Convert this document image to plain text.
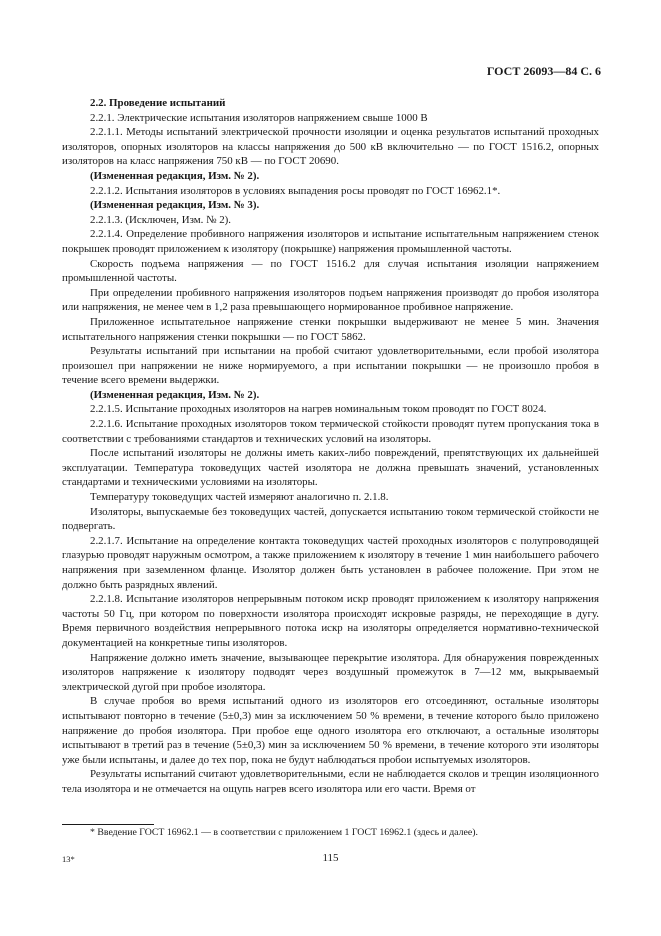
ГОСТ 26093—84 С. 6

2.2. Проведение испытаний

2.2.1. Электрические испытания изоляторов напряжением свыше 1000 В

2.2.1.1. Методы испытаний электрической прочности изоляции и оценка результатов испытаний проходных изоляторов, опорных изоляторов на классы напряжения до 500 кВ включительно — по ГОСТ 1516.2, опорных изоляторов на класс напряжения 750 кВ — по ГОСТ 20690.

(Измененная редакция, Изм. № 2).

2.2.1.2. Испытания изоляторов в условиях выпадения росы проводят по ГОСТ 16962.1*.

(Измененная редакция, Изм. № 3).

2.2.1.3. (Исключен, Изм. № 2).

2.2.1.4. Определение пробивного напряжения изоляторов и испытание испытательным напряжением стенок покрышек проводят приложением к изолятору (покрышке) напряжения промышленной частоты.

Скорость подъема напряжения — по ГОСТ 1516.2 для случая испытания изоляции напряжением промышленной частоты.

При определении пробивного напряжения изоляторов подъем напряжения производят до пробоя изолятора или напряжения, не менее чем в 1,2 раза превышающего нормированное пробивное напряжение.

Приложенное испытательное напряжение стенки покрышки выдерживают не менее 5 мин. Значения испытательного напряжения стенки покрышки — по ГОСТ 5862.

Результаты испытаний при испытании на пробой считают удовлетворительными, если пробой изолятора произошел при напряжении не ниже нормируемого, а при испытании покрышки — не произошло пробоя в течение всего времени выдержки.

(Измененная редакция, Изм. № 2).

2.2.1.5. Испытание проходных изоляторов на нагрев номинальным током проводят по ГОСТ 8024.

2.2.1.6. Испытание проходных изоляторов током термической стойкости проводят путем пропускания тока в соответствии с требованиями стандартов и технических условий на изоляторы.

После испытаний изоляторы не должны иметь каких-либо повреждений, препятствующих их дальнейшей эксплуатации. Температура токоведущих частей изолятора не должна превышать значений, установленных стандартами и техническими условиями на изоляторы.

Температуру токоведущих частей измеряют аналогично п. 2.1.8.

Изоляторы, выпускаемые без токоведущих частей, допускается испытанию током термической стойкости не подвергать.

2.2.1.7. Испытание на определение контакта токоведущих частей проходных изоляторов с полупроводящей глазурью проводят наружным осмотром, а также приложением к изолятору в течение 1 мин наибольшего рабочего напряжения при заземленном фланце. Изолятор должен быть установлен в рабочее положение. При этом не должно быть разрядных явлений.

2.2.1.8. Испытание изоляторов непрерывным потоком искр проводят приложением к изолятору напряжения частоты 50 Гц, при котором по поверхности изолятора происходят искровые разряды, не переходящие в дугу. Время первичного воздействия непрерывного потока искр на изоляторы определяется нормативно-технической документацией на конкретные типы изоляторов.

Напряжение должно иметь значение, вызывающее перекрытие изолятора. Для обнаружения поврежденных изоляторов напряжение к изолятору подводят через воздушный промежуток в 7—12 мм, выкрываемый электрической дугой при пробое изолятора.

В случае пробоя во время испытаний одного из изоляторов его отсоединяют, остальные изоляторы испытывают повторно в течение (5±0,3) мин за исключением 50 % времени, в течение которого было приложено напряжение до пробоя изолятора. При пробое еще одного изолятора его отключают, а остальные изоляторы испытывают в третий раз в течение (5±0,3) мин за исключением 50 % времени, в течение которого эти изоляторы уже были испытаны, и далее до тех пор, пока не будут наблюдаться пробои испытуемых изоляторов.

Результаты испытаний считают удовлетворительными, если не наблюдается сколов и трещин изоляционного тела изолятора и не отмечается на ощупь нагрев всего изолятора или его части. Время от

* Введение ГОСТ 16962.1 — в соответствии с приложением 1 ГОСТ 16962.1 (здесь и далее).
13*	115
